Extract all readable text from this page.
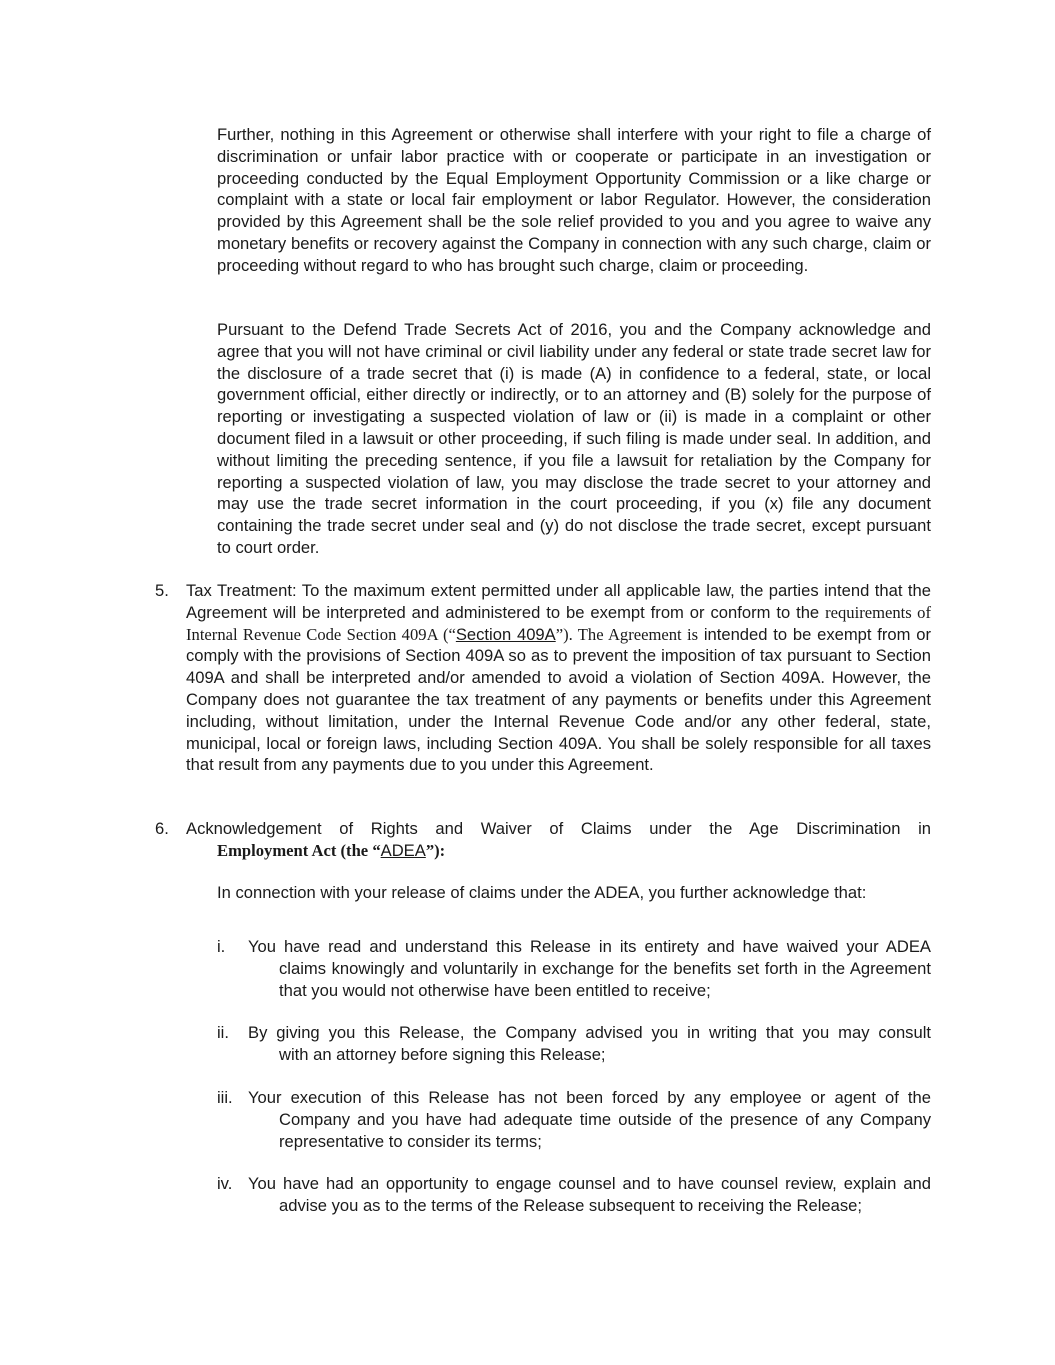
Further, nothing in this Agreement or otherwise shall interfere with your right to file a charge of discrimination or unfair labor practice with or cooperate or participate in an investigation or proceeding conducted by the Equal Employment Opportunity Commission or a like charge or complaint with a state or local fair employment or labor Regulator. However, the consideration provided by this Agreement shall be the sole relief provided to you and you agree to waive any monetary benefits or recovery against the Company in connection with any such charge, claim or proceeding without regard to who has brought such charge, claim or proceeding.
Pursuant to the Defend Trade Secrets Act of 2016, you and the Company acknowledge and agree that you will not have criminal or civil liability under any federal or state trade secret law for the disclosure of a trade secret that (i) is made (A) in confidence to a federal, state, or local government official, either directly or indirectly, or to an attorney and (B) solely for the purpose of reporting or investigating a suspected violation of law or (ii) is made in a complaint or other document filed in a lawsuit or other proceeding, if such filing is made under seal. In addition, and without limiting the preceding sentence, if you file a lawsuit for retaliation by the Company for reporting a suspected violation of law, you may disclose the trade secret to your attorney and may use the trade secret information in the court proceeding, if you (x) file any document containing the trade secret under seal and (y) do not disclose the trade secret, except pursuant to court order.
5. Tax Treatment: To the maximum extent permitted under all applicable law, the parties intend that the Agreement will be interpreted and administered to be exempt from or conform to the requirements of Internal Revenue Code Section 409A (“Section 409A”). The Agreement is intended to be exempt from or comply with the provisions of Section 409A so as to prevent the imposition of tax pursuant to Section 409A and shall be interpreted and/or amended to avoid a violation of Section 409A. However, the Company does not guarantee the tax treatment of any payments or benefits under this Agreement including, without limitation, under the Internal Revenue Code and/or any other federal, state, municipal, local or foreign laws, including Section 409A. You shall be solely responsible for all taxes that result from any payments due to you under this Agreement.
6. Acknowledgement of Rights and Waiver of Claims under the Age Discrimination in
Employment Act (the “ADEA”):
In connection with your release of claims under the ADEA, you further acknowledge that:
i. You have read and understand this Release in its entirety and have waived your ADEA
claims knowingly and voluntarily in exchange for the benefits set forth in the Agreement that you would not otherwise have been entitled to receive;
ii. By giving you this Release, the Company advised you in writing that you may consult
with an attorney before signing this Release;
iii. Your execution of this Release has not been forced by any employee or agent of the
Company and you have had adequate time outside of the presence of any Company representative to consider its terms;
iv. You have had an opportunity to engage counsel and to have counsel review, explain and
advise you as to the terms of the Release subsequent to receiving the Release;
